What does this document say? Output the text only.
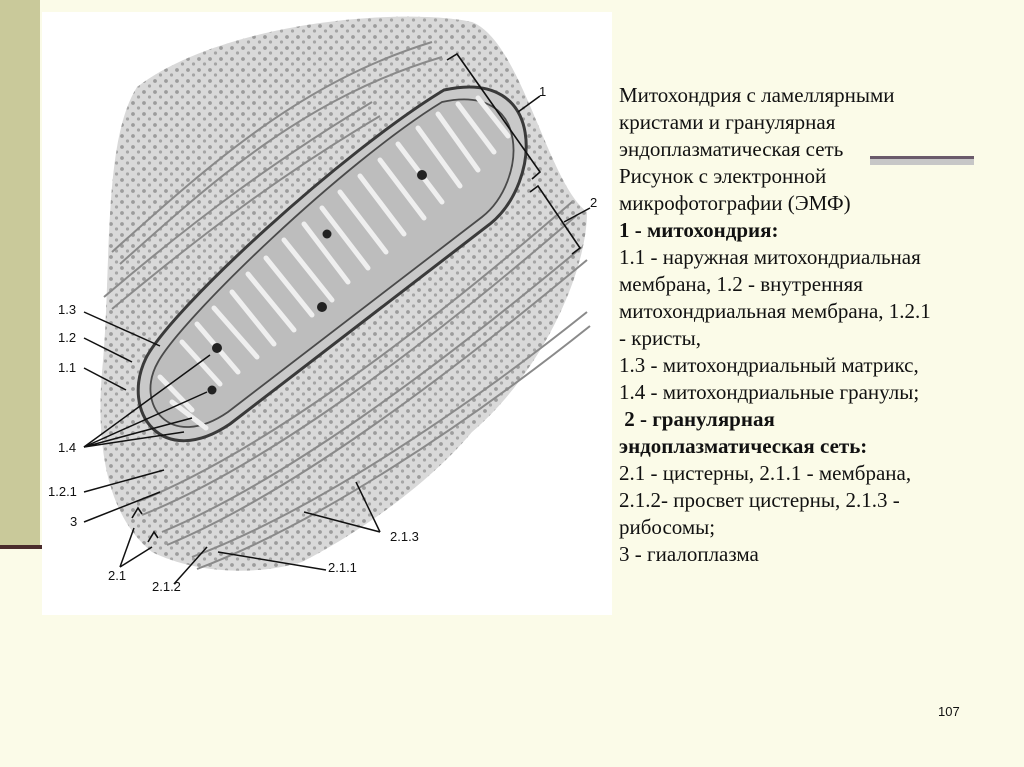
1
2
1.3
1.2
1.1
1.4
1.2.1
3
2.1
2.1.2
2.1.1
2.1.3
Митохондрия с ламеллярными
кристами и гранулярная
эндоплазматическая сеть
Рисунок с электронной
микрофотографии (ЭМФ)
1 - митохондрия:
1.1 - наружная митохондриальная
мембрана, 1.2 - внутренняя
митохондриальная мембрана, 1.2.1
- кристы,
1.3 - митохондриальный матрикс,
1.4 - митохондриальные гранулы;
2 - гранулярная
эндоплазматическая сеть:
2.1 - цистерны, 2.1.1 - мембрана,
2.1.2- просвет цистерны, 2.1.3 -
рибосомы;
3 - гиалоплазма
107
